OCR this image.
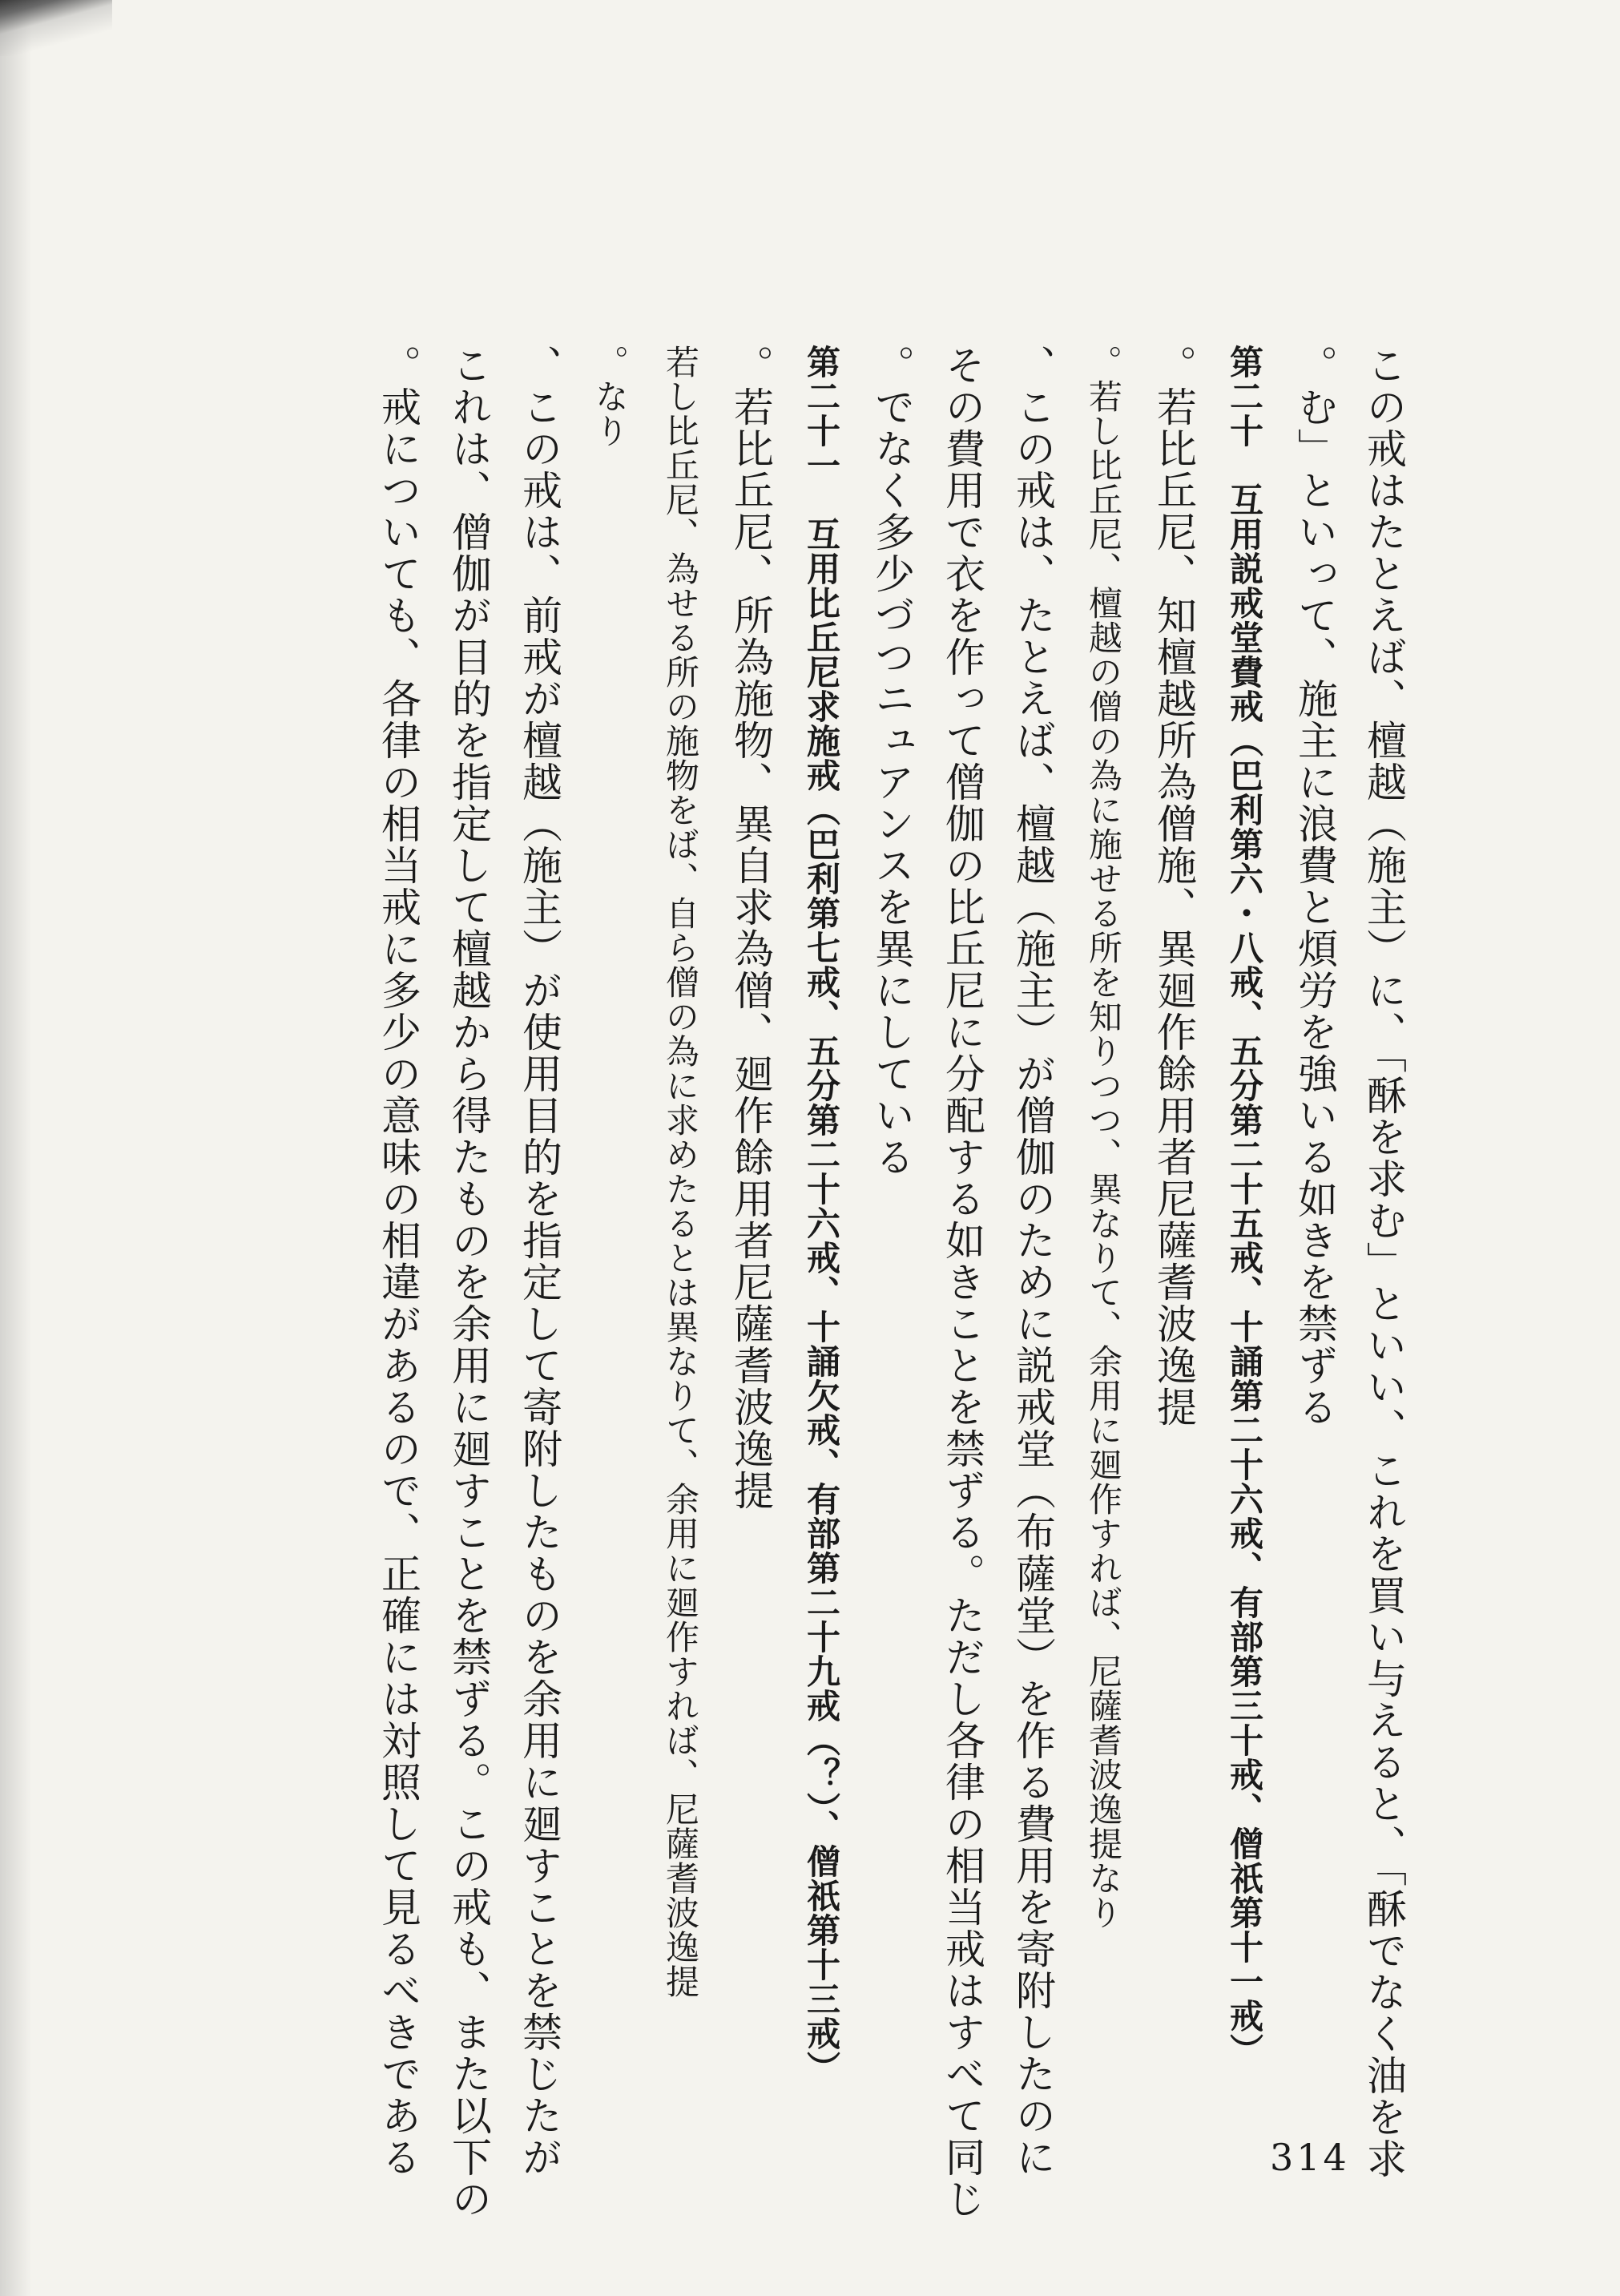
この戒はたとえば、檀越（施主）に、「酥を求む」といい、これを買い与えると、「酥でなく油を求
む」といって、施主に浪費と煩労を強いる如きを禁ずる。
第二十　互用説戒堂費戒（巴利第六・八戒、五分第二十五戒、十誦第二十六戒、有部第三十戒、僧祇第十一戒）
若比丘尼、知檀越所為僧施、異廻作餘用者尼薩耆波逸提。
若し比丘尼、檀越の僧の為に施せる所を知りつつ、異なりて、余用に廻作すれば、尼薩耆波逸提なり。
この戒は、たとえば、檀越（施主）が僧伽のために説戒堂（布薩堂）を作る費用を寄附したのに、
その費用で衣を作って僧伽の比丘尼に分配する如きことを禁ずる。ただし各律の相当戒はすべて同じ
でなく多少づつニュアンスを異にしている。
第二十一　互用比丘尼求施戒（巴利第七戒、五分第二十六戒、十誦欠戒、有部第二十九戒（？）、僧祇第十三戒）
若比丘尼、所為施物、異自求為僧、廻作餘用者尼薩耆波逸提。
若し比丘尼、為せる所の施物をば、自ら僧の為に求めたるとは異なりて、余用に廻作すれば、尼薩耆波逸提
なり。
この戒は、前戒が檀越（施主）が使用目的を指定して寄附したものを余用に廻すことを禁じたが、
これは、僧伽が目的を指定して檀越から得たものを余用に廻すことを禁ずる。この戒も、また以下の
戒についても、各律の相当戒に多少の意味の相違があるので、正確には対照して見るべきである。	314
